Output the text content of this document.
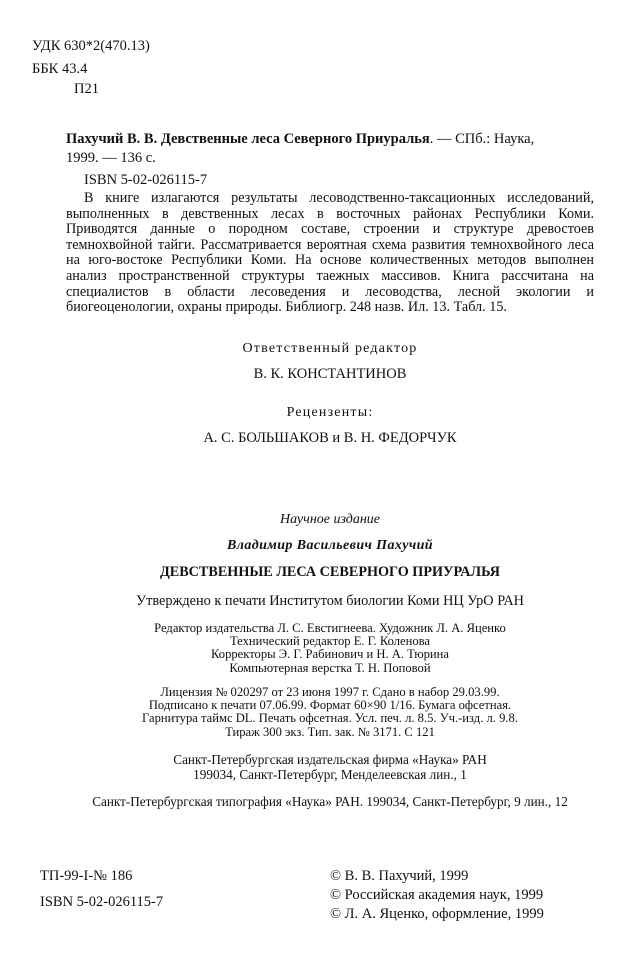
УДК 630*2(470.13)
ББК 43.4
П21
Пахучий В. В. Девственные леса Северного Приуралья. — СПб.: Наука,
1999. — 136 с.
ISBN 5-02-026115-7

В книге излагаются результаты лесоводственно-таксационных исследований, выполненных в девственных лесах в восточных районах Республики Коми. Приводятся данные о породном составе, строении и структуре древостоев темнохвойной тайги. Рассматривается вероятная схема развития темнохвойного леса на юго-востоке Республики Коми. На основе количественных методов выполнен анализ пространственной структуры таежных массивов. Книга рассчитана на специалистов в области лесоведения и лесоводства, лесной экологии и биогеоценологии, охраны природы. Библиогр. 248 назв. Ил. 13. Табл. 15.

Ответственный редактор
В. К. КОНСТАНТИНОВ
Рецензенты:
А. С. БОЛЬШАКОВ и В. Н. ФЕДОРЧУК
Научное издание
Владимир Васильевич Пахучий
ДЕВСТВЕННЫЕ ЛЕСА СЕВЕРНОГО ПРИУРАЛЬЯ
Утверждено к печати Институтом биологии Коми НЦ УрО РАН
Редактор издательства Л. С. Евстигнеева. Художник Л. А. Яценко
Технический редактор Е. Г. Коленова
Корректоры Э. Г. Рабинович и Н. А. Тюрина
Компьютерная верстка Т. Н. Поповой
Лицензия № 020297 от 23 июня 1997 г. Сдано в набор 29.03.99.
Подписано к печати 07.06.99. Формат 60×90 1/16. Бумага офсетная.
Гарнитура таймс DL. Печать офсетная. Усл. печ. л. 8.5. Уч.-изд. л. 9.8.
Тираж 300 экз. Тип. зак. № 3171. С 121
Санкт-Петербургская издательская фирма «Наука» РАН
199034, Санкт-Петербург, Менделеевская лин., 1
Санкт-Петербургская типография «Наука» РАН. 199034, Санкт-Петербург, 9 лин., 12
ТП-99-I-№ 186
ISBN 5-02-026115-7
© В. В. Пахучий, 1999
© Российская академия наук, 1999
© Л. А. Яценко, оформление, 1999
